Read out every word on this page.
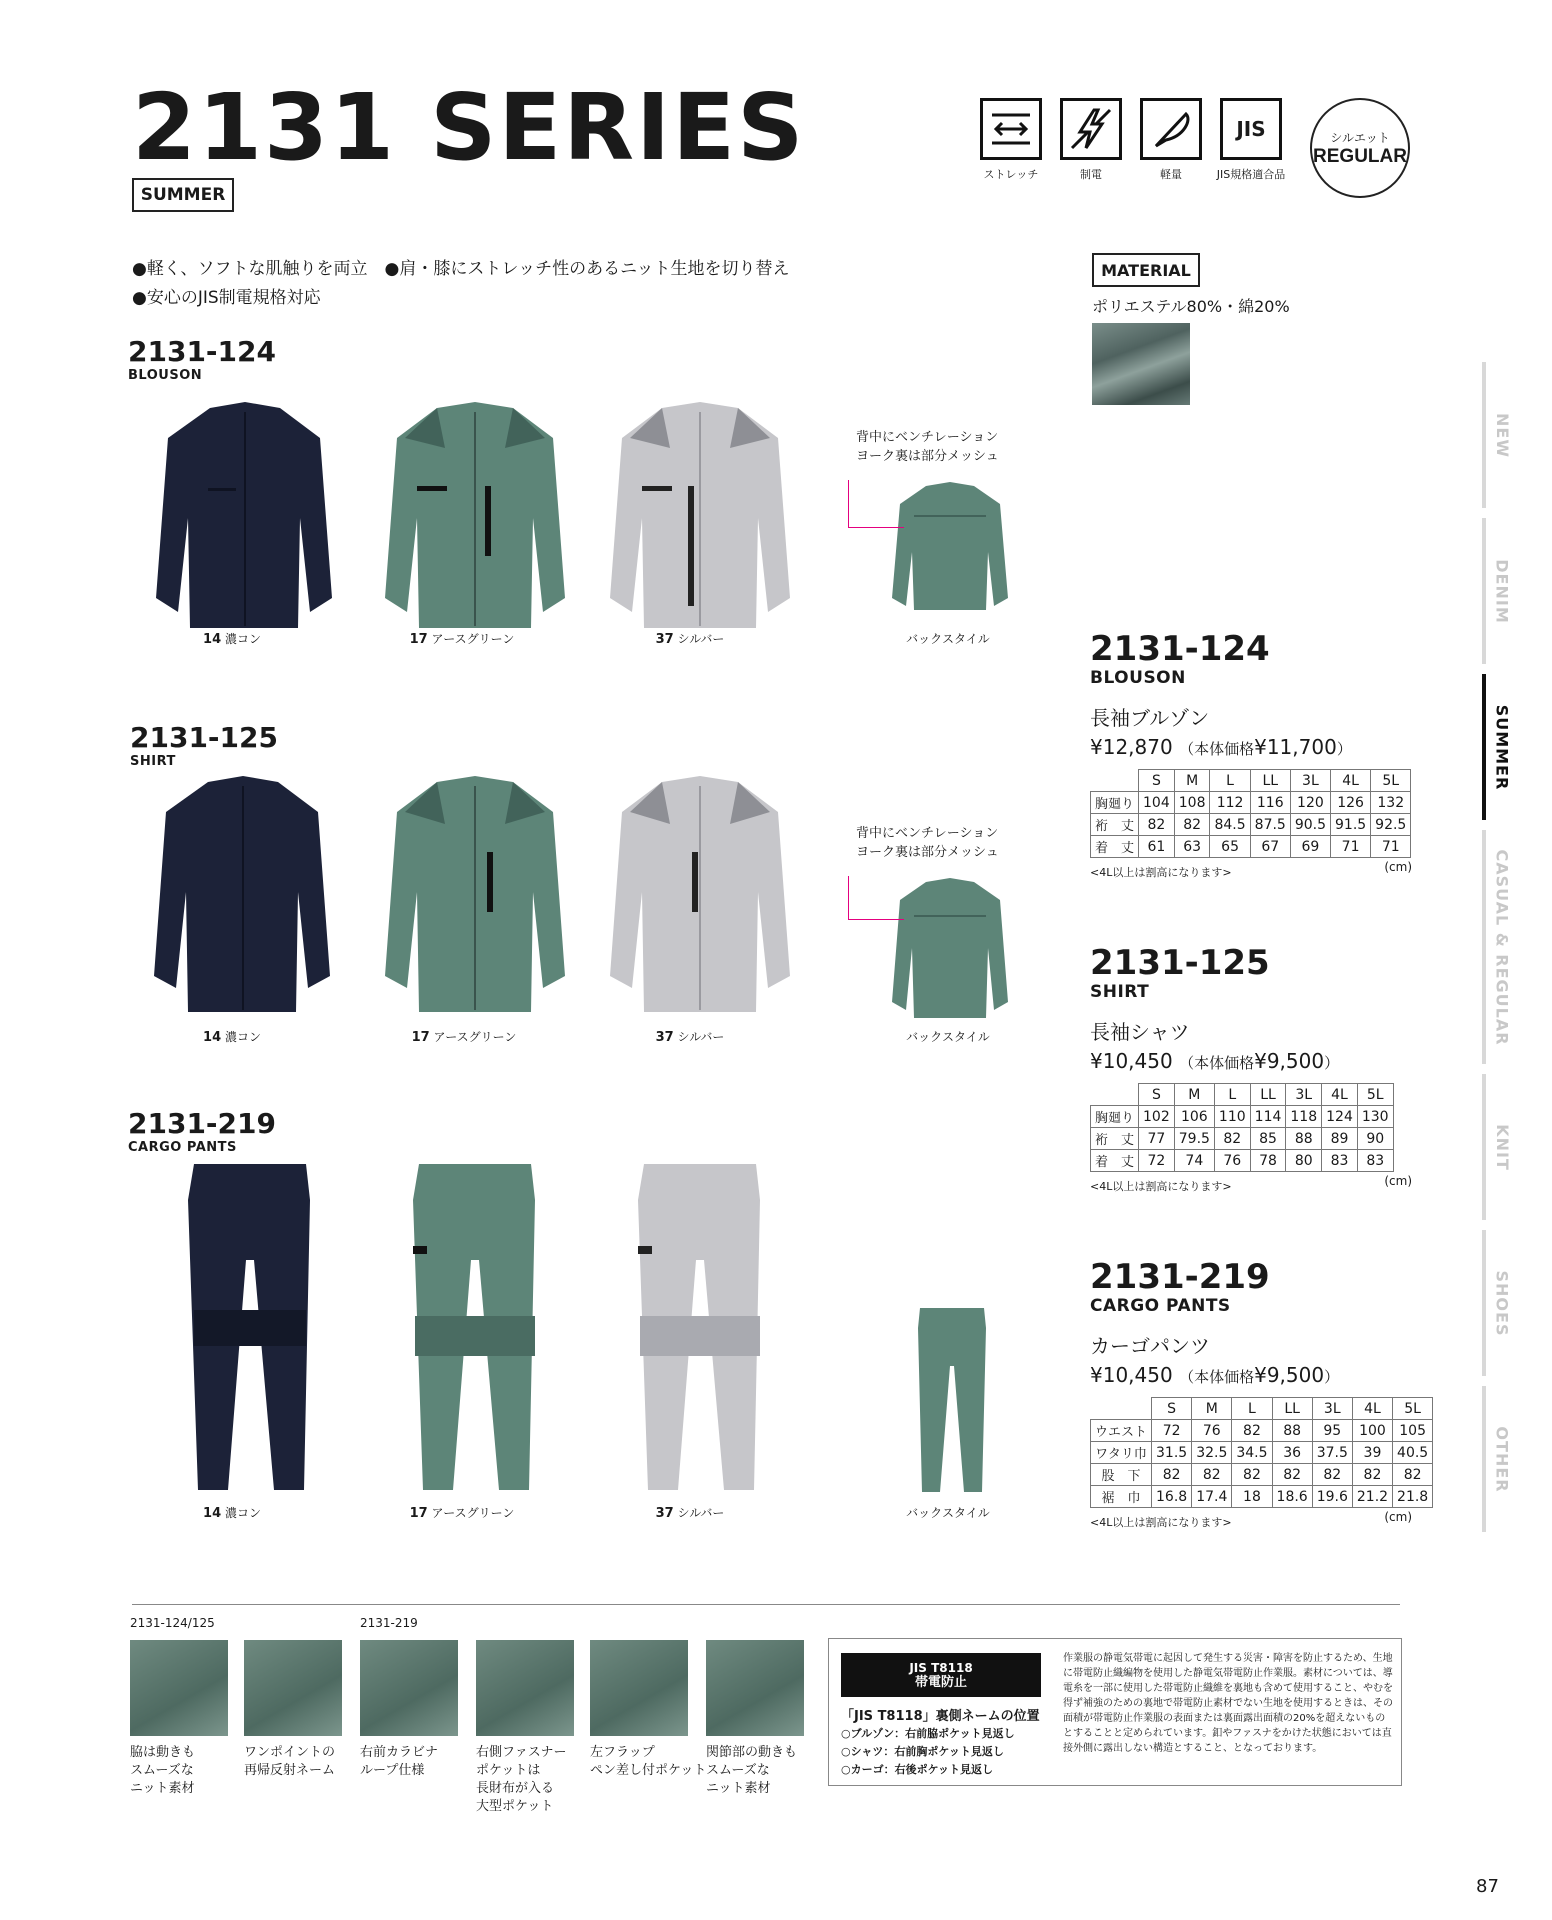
2131 SERIES
SUMMER
ストレッチ	制電	軽量
JIS
JIS規格適合品
シルエット
REGULAR
●軽く、ソフトな肌触りを両立　●肩・膝にストレッチ性のあるニット生地を切り替え
●安心のJIS制電規格対応
MATERIAL
ポリエステル80%・綿20%
2131-124
BLOUSON
背中にベンチレーション
ヨーク裏は部分メッシュ
14 濃コン	17 アースグリーン	37 シルバー	バックスタイル
2131-125
SHIRT
背中にベンチレーション
ヨーク裏は部分メッシュ
14 濃コン	17 アースグリーン	37 シルバー	バックスタイル
2131-219
CARGO PANTS
14 濃コン	17 アースグリーン	37 シルバー	バックスタイル
2131-124
BLOUSON
長袖ブルゾン
¥12,870 （本体価格¥11,700）
	S	M	L	LL	3L	4L	5L
胸廻り	104	108	112	116	120	126	132
裄　丈	82	82	84.5	87.5	90.5	91.5	92.5
着　丈	61	63	65	67	69	71	71
<4L以上は割高になります>	(cm)
2131-125
SHIRT
長袖シャツ
¥10,450 （本体価格¥9,500）
	S	M	L	LL	3L	4L	5L
胸廻り	102	106	110	114	118	124	130
裄　丈	77	79.5	82	85	88	89	90
着　丈	72	74	76	78	80	83	83
<4L以上は割高になります>	(cm)
2131-219
CARGO PANTS
カーゴパンツ
¥10,450 （本体価格¥9,500）
	S	M	L	LL	3L	4L	5L
ウエスト	72	76	82	88	95	100	105
ワタリ巾	31.5	32.5	34.5	36	37.5	39	40.5
股　下	82	82	82	82	82	82	82
裾　巾	16.8	17.4	18	18.6	19.6	21.2	21.8
<4L以上は割高になります>	(cm)
NEW
DENIM
SUMMER
CASUAL & REGULAR
KNIT
SHOES
OTHER
2131-124/125	2131-219
脇は動きも
スムーズな
ニット素材
ワンポイントの
再帰反射ネーム
右前カラビナ
ループ仕様
右側ファスナー
ポケットは
長財布が入る
大型ポケット
左フラップ
ペン差し付ポケット
関節部の動きも
スムーズな
ニット素材
JIS T8118
帯電防止
「JIS T8118」裏側ネームの位置
○ブルゾン：右前脇ポケット見返し
○シャツ：右前胸ポケット見返し
○カーゴ：右後ポケット見返し
作業服の静電気帯電に起因して発生する災害・障害を防止するため、生地に帯電防止織編物を使用した静電気帯電防止作業服。素材については、導電糸を一部に使用した帯電防止織維を裏地も含めて使用すること、やむを得ず補強のための裏地で帯電防止素材でない生地を使用するときは、その面積が帯電防止作業服の表面または裏面露出面積の20%を超えないものとすることと定められています。釦やファスナをかけた状態においては直接外側に露出しない構造とすること、となっております。
87
